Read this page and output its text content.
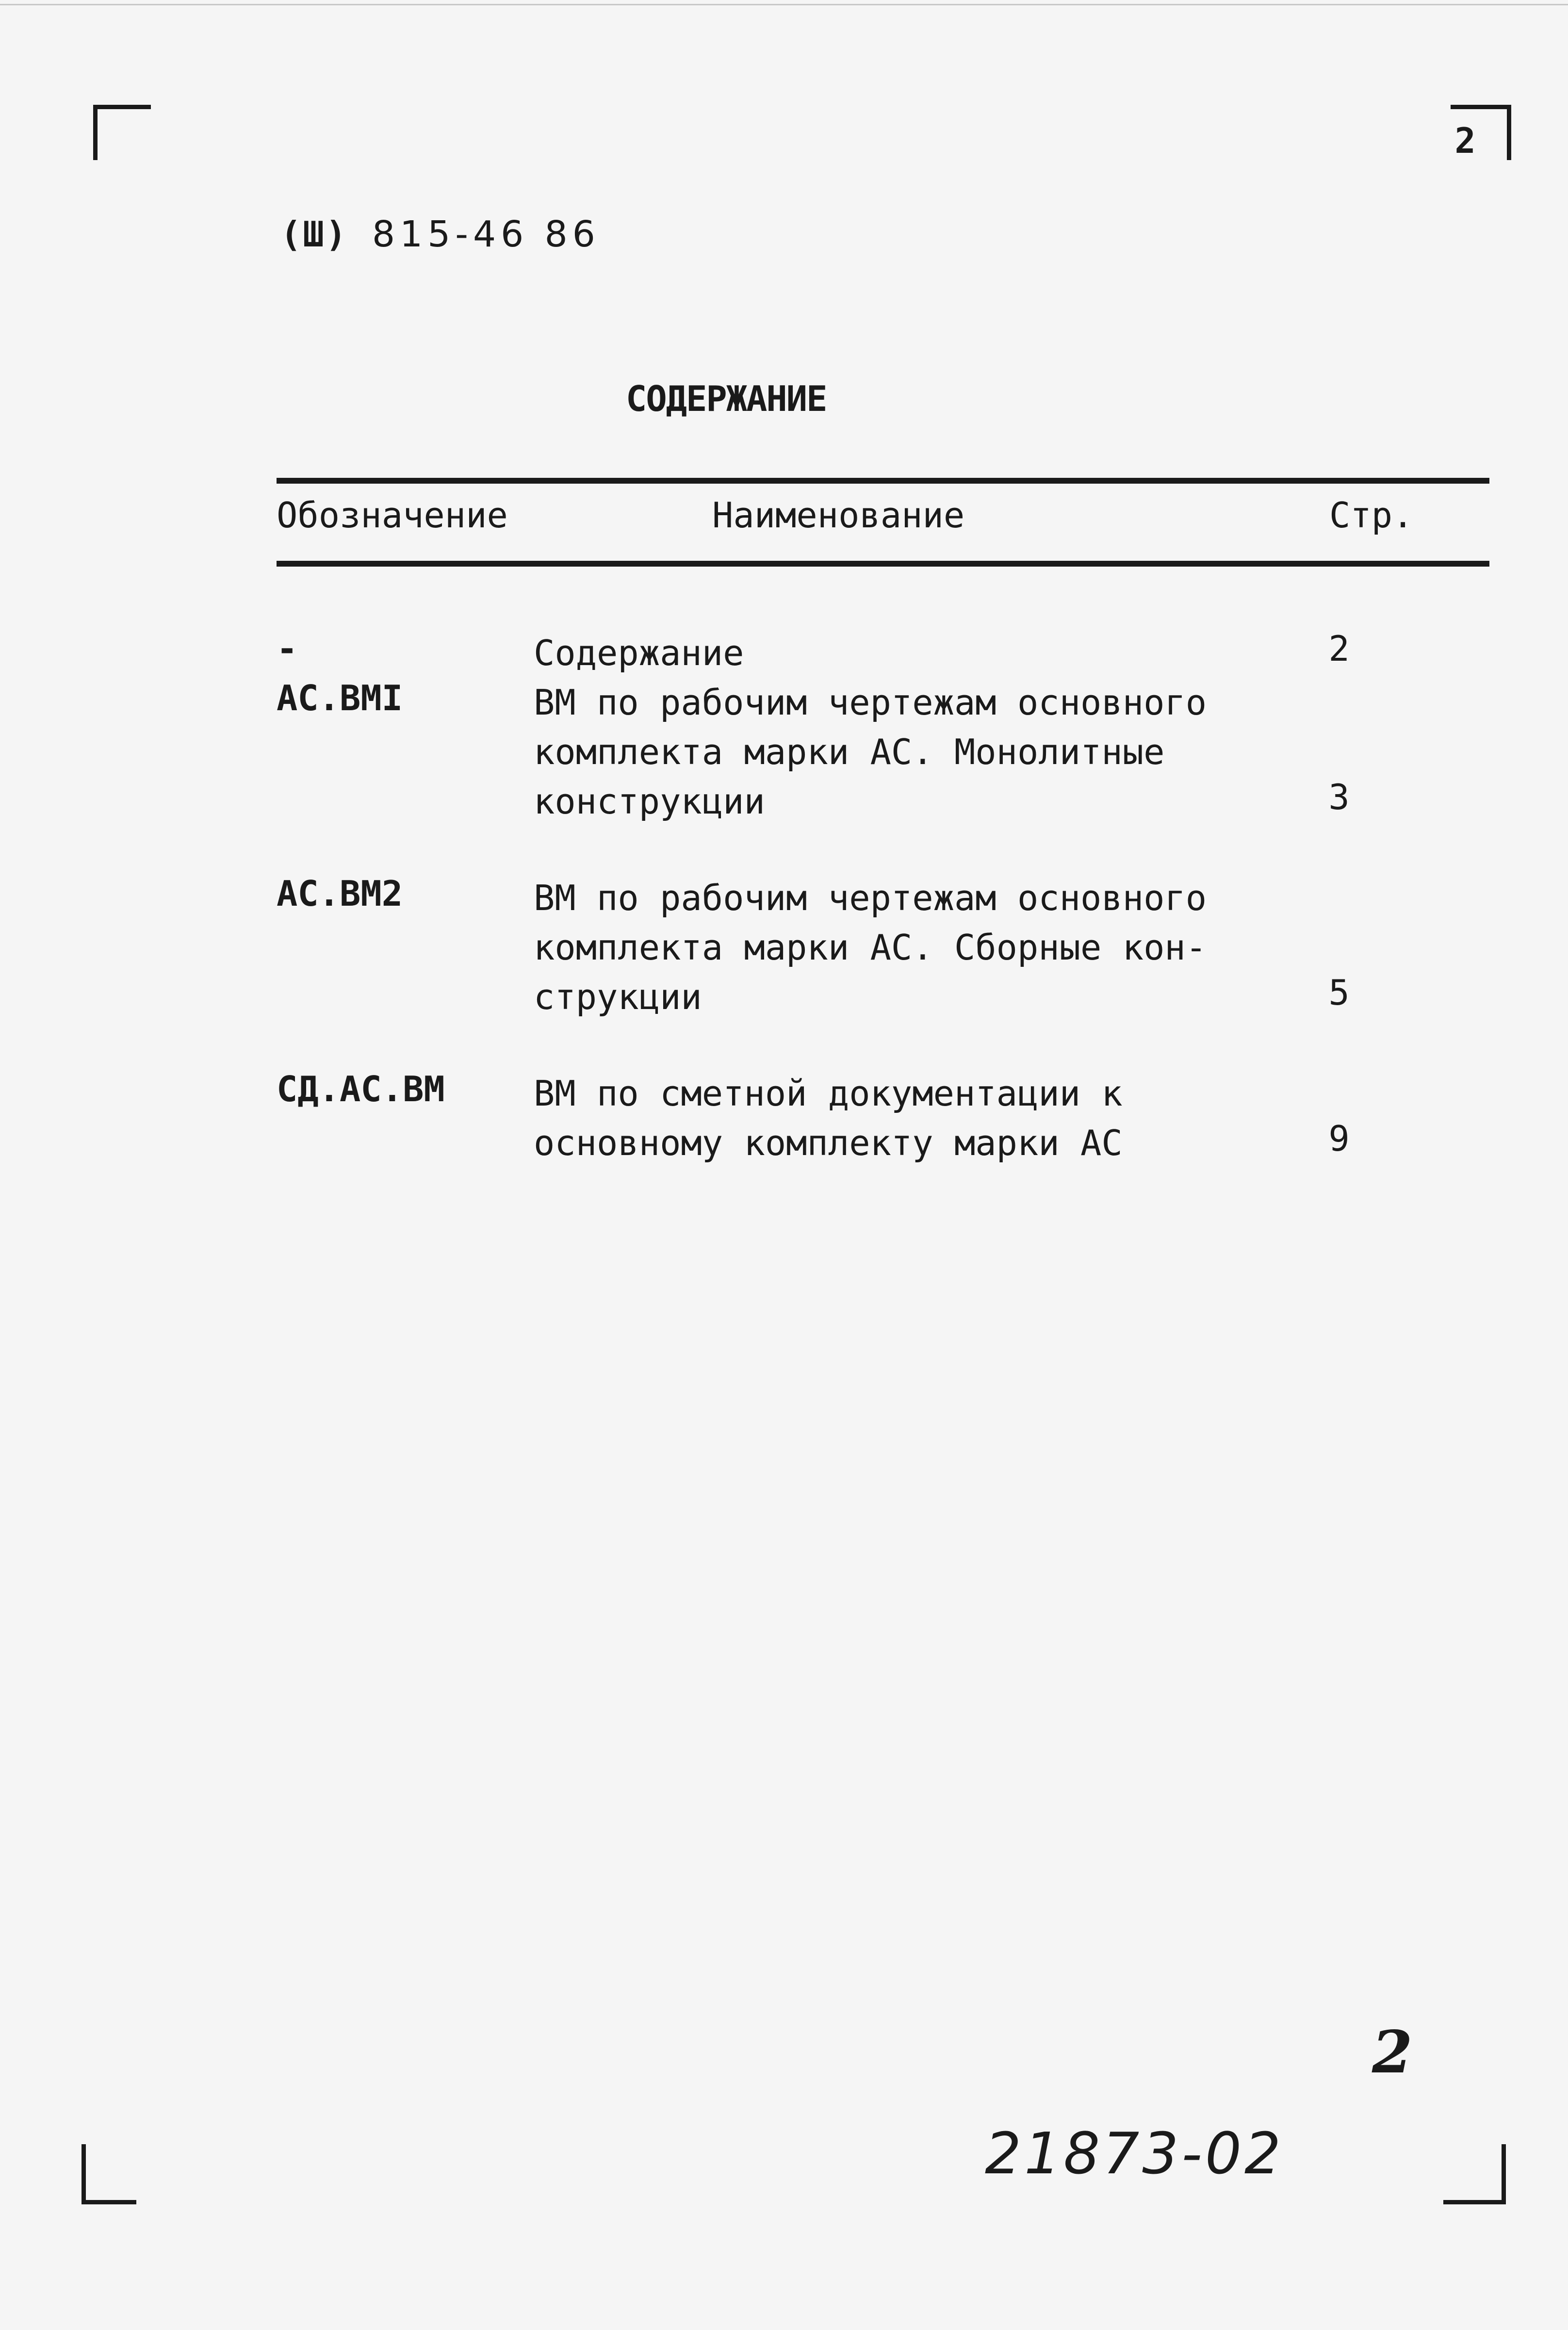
2
(Ш) 815-46 86
СОДЕРЖАНИЕ
Обозначение	Наименование	Стр.
-	Содержание	2
АС.ВМI	ВМ по рабочим чертежам основного
комплекта марки АС. Монолитные
конструкции	3
АС.ВМ2	ВМ по рабочим чертежам основного
комплекта марки АС. Сборные кон-
струкции	5
СД.АС.ВМ	ВМ по сметной документации к
основному комплекту марки АС	9
2
21873-02
